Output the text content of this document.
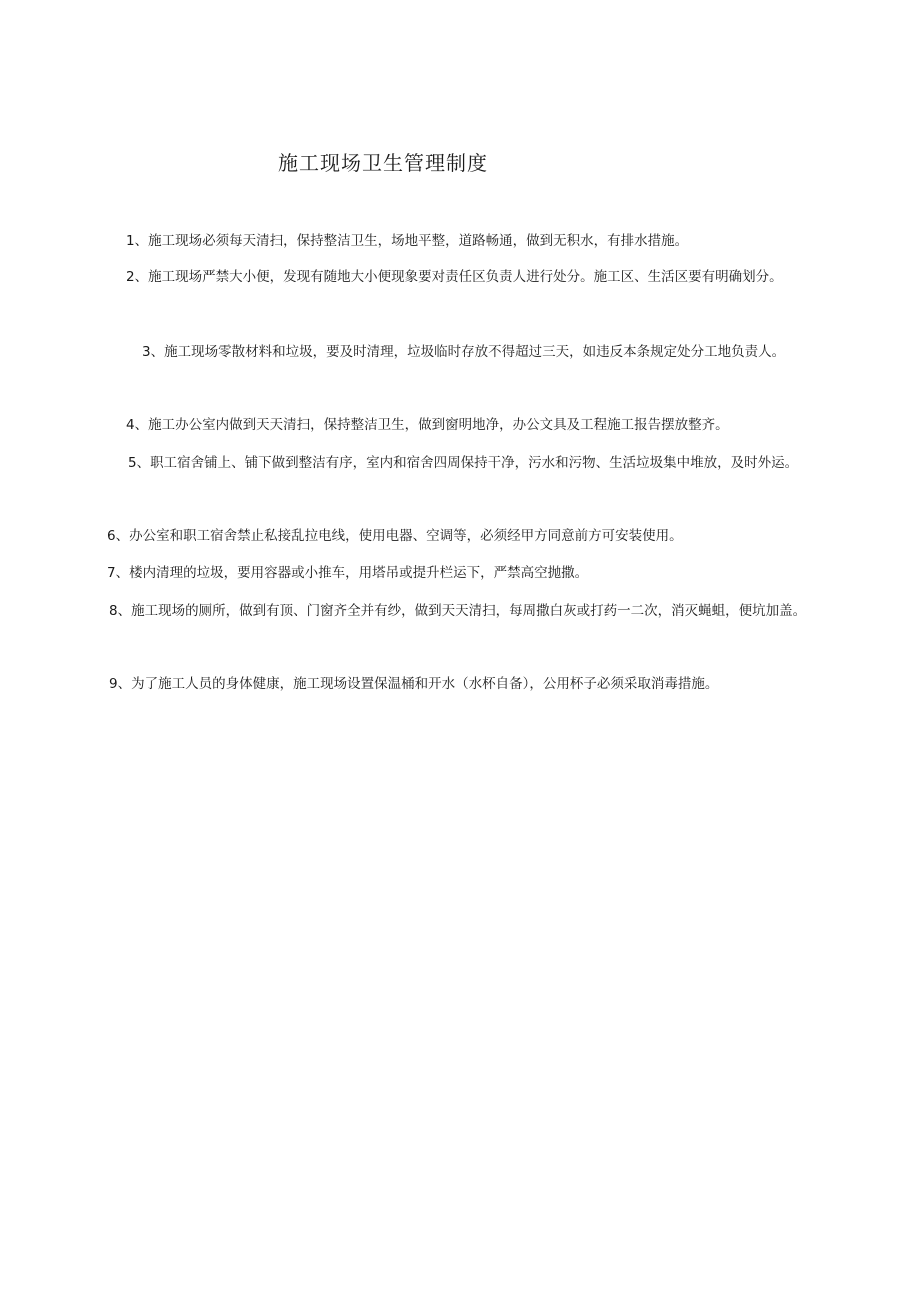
施工现场卫生管理制度
1、施工现场必须每天清扫，保持整洁卫生，场地平整，道路畅通，做到无积水，有排水措施。
2、施工现场严禁大小便，发现有随地大小便现象要对责任区负责人进行处分。施工区、生活区要有明确划分。
3、施工现场零散材料和垃圾，要及时清理，垃圾临时存放不得超过三天，如违反本条规定处分工地负责人。
4、施工办公室内做到天天清扫，保持整洁卫生，做到窗明地净，办公文具及工程施工报告摆放整齐。
5、职工宿舍铺上、铺下做到整洁有序，室内和宿舍四周保持干净，污水和污物、生活垃圾集中堆放，及时外运。
6、办公室和职工宿舍禁止私接乱拉电线，使用电器、空调等，必须经甲方同意前方可安装使用。
7、楼内清理的垃圾，要用容器或小推车，用塔吊或提升栏运下，严禁高空抛撒。
8、施工现场的厕所，做到有顶、门窗齐全并有纱，做到天天清扫，每周撒白灰或打药一二次，消灭蝇蛆，便坑加盖。
9、为了施工人员的身体健康，施工现场设置保温桶和开水（水杯自备），公用杯子必须采取消毒措施。
